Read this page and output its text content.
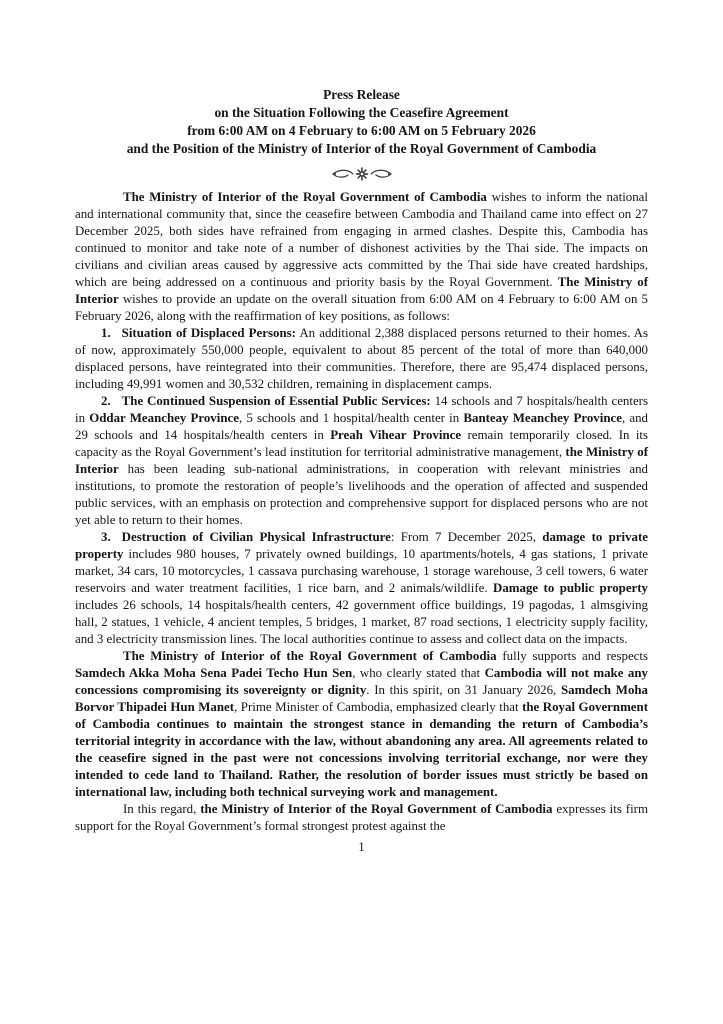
Press Release
on the Situation Following the Ceasefire Agreement
from 6:00 AM on 4 February to 6:00 AM on 5 February 2026
and the Position of the Ministry of Interior of the Royal Government of Cambodia

The Ministry of Interior of the Royal Government of Cambodia wishes to inform the national and international community that, since the ceasefire between Cambodia and Thailand came into effect on 27 December 2025, both sides have refrained from engaging in armed clashes. Despite this, Cambodia has continued to monitor and take note of a number of dishonest activities by the Thai side. The impacts on civilians and civilian areas caused by aggressive acts committed by the Thai side have created hardships, which are being addressed on a continuous and priority basis by the Royal Government. The Ministry of Interior wishes to provide an update on the overall situation from 6:00 AM on 4 February to 6:00 AM on 5 February 2026, along with the reaffirmation of key positions, as follows:

1. Situation of Displaced Persons: An additional 2,388 displaced persons returned to their homes. As of now, approximately 550,000 people, equivalent to about 85 percent of the total of more than 640,000 displaced persons, have reintegrated into their communities. Therefore, there are 95,474 displaced persons, including 49,991 women and 30,532 children, remaining in displacement camps.

2. The Continued Suspension of Essential Public Services: 14 schools and 7 hospitals/health centers in Oddar Meanchey Province, 5 schools and 1 hospital/health center in Banteay Meanchey Province, and 29 schools and 14 hospitals/health centers in Preah Vihear Province remain temporarily closed. In its capacity as the Royal Government’s lead institution for territorial administrative management, the Ministry of Interior has been leading sub-national administrations, in cooperation with relevant ministries and institutions, to promote the restoration of people’s livelihoods and the operation of affected and suspended public services, with an emphasis on protection and comprehensive support for displaced persons who are not yet able to return to their homes.

3. Destruction of Civilian Physical Infrastructure: From 7 December 2025, damage to private property includes 980 houses, 7 privately owned buildings, 10 apartments/hotels, 4 gas stations, 1 private market, 34 cars, 10 motorcycles, 1 cassava purchasing warehouse, 1 storage warehouse, 3 cell towers, 6 water reservoirs and water treatment facilities, 1 rice barn, and 2 animals/wildlife. Damage to public property includes 26 schools, 14 hospitals/health centers, 42 government office buildings, 19 pagodas, 1 almsgiving hall, 2 statues, 1 vehicle, 4 ancient temples, 5 bridges, 1 market, 87 road sections, 1 electricity supply facility, and 3 electricity transmission lines. The local authorities continue to assess and collect data on the impacts.

The Ministry of Interior of the Royal Government of Cambodia fully supports and respects Samdech Akka Moha Sena Padei Techo Hun Sen, who clearly stated that Cambodia will not make any concessions compromising its sovereignty or dignity. In this spirit, on 31 January 2026, Samdech Moha Borvor Thipadei Hun Manet, Prime Minister of Cambodia, emphasized clearly that the Royal Government of Cambodia continues to maintain the strongest stance in demanding the return of Cambodia’s territorial integrity in accordance with the law, without abandoning any area. All agreements related to the ceasefire signed in the past were not concessions involving territorial exchange, nor were they intended to cede land to Thailand. Rather, the resolution of border issues must strictly be based on international law, including both technical surveying work and management.

In this regard, the Ministry of Interior of the Royal Government of Cambodia expresses its firm support for the Royal Government’s formal strongest protest against the

1
